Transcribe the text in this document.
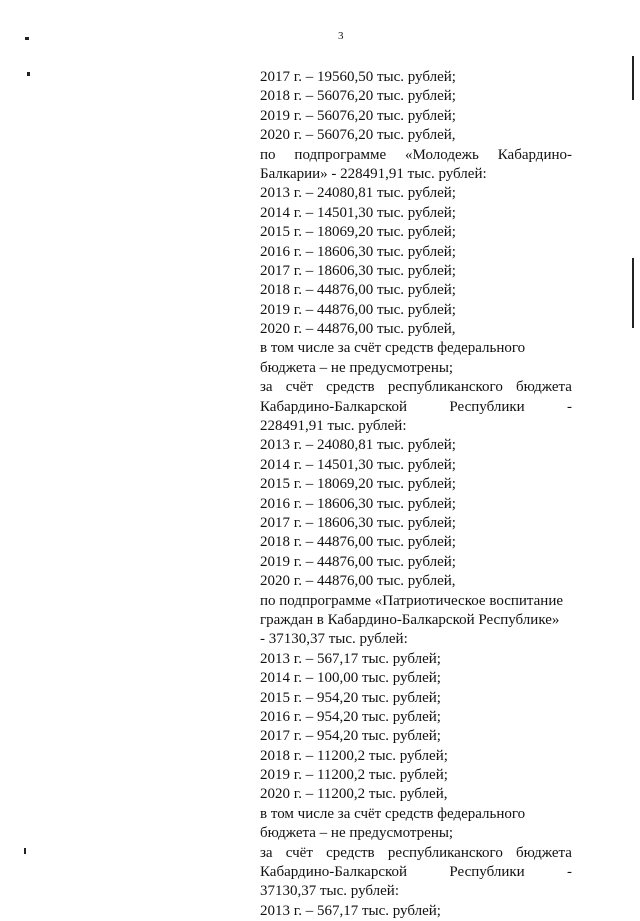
3
2017 г. – 19560,50 тыс. рублей;
2018 г. – 56076,20 тыс. рублей;
2019 г. – 56076,20 тыс. рублей;
2020 г. – 56076,20 тыс. рублей,
по подпрограмме «Молодежь Кабардино-
Балкарии» - 228491,91 тыс. рублей:
2013 г. – 24080,81 тыс. рублей;
2014 г. – 14501,30 тыс. рублей;
2015 г. – 18069,20 тыс. рублей;
2016 г. – 18606,30 тыс. рублей;
2017 г. – 18606,30 тыс. рублей;
2018 г. – 44876,00 тыс. рублей;
2019 г. – 44876,00 тыс. рублей;
2020 г. – 44876,00 тыс. рублей,
в том числе за счёт средств федерального
бюджета – не предусмотрены;
за счёт средств республиканского бюджета
Кабардино-Балкарской	Республики	-
228491,91 тыс. рублей:
2013 г. – 24080,81 тыс. рублей;
2014 г. – 14501,30 тыс. рублей;
2015 г. – 18069,20 тыс. рублей;
2016 г. – 18606,30 тыс. рублей;
2017 г. – 18606,30 тыс. рублей;
2018 г. – 44876,00 тыс. рублей;
2019 г. – 44876,00 тыс. рублей;
2020 г. – 44876,00 тыс. рублей,
по подпрограмме «Патриотическое воспитание
граждан в Кабардино-Балкарской Республике»
- 37130,37 тыс. рублей:
2013 г. – 567,17 тыс. рублей;
2014 г. – 100,00 тыс. рублей;
2015 г. – 954,20 тыс. рублей;
2016 г. – 954,20 тыс. рублей;
2017 г. – 954,20 тыс. рублей;
2018 г. – 11200,2 тыс. рублей;
2019 г. – 11200,2 тыс. рублей;
2020 г. – 11200,2 тыс. рублей,
в том числе за счёт средств федерального
бюджета – не предусмотрены;
за счёт средств республиканского бюджета
Кабардино-Балкарской	Республики	-
37130,37 тыс. рублей:
2013 г. – 567,17 тыс. рублей;
